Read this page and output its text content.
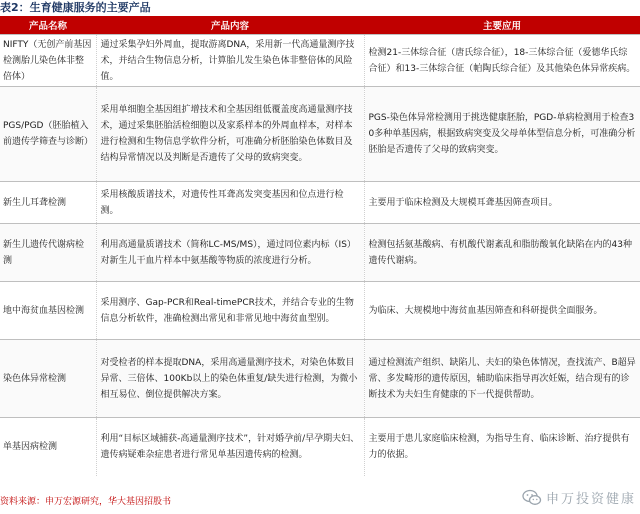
表2：生育健康服务的主要产品
产品名称	产品内容	主要应用
NIFTY（无创产前基因检测胎儿染色体非整倍体）	通过采集孕妇外周血，提取游离DNA，采用新一代高通量测序技术，并结合生物信息分析，计算胎儿发生染色体非整倍体的风险值。	检测21-三体综合征（唐氏综合征），18-三体综合征（爱德华氏综合征）和13-三体综合征（帕陶氏综合征）及其他染色体异常疾病。
PGS/PGD（胚胎植入前遗传学筛查与诊断）	采用单细胞全基因组扩增技术和全基因组低覆盖度高通量测序技术，通过采集胚胎活检细胞以及家系样本的外周血样本，对样本进行检测和生物信息学软件分析，可准确分析胚胎染色体数目及结构异常情况以及判断是否遗传了父母的致病突变。	PGS-染色体异常检测用于挑选健康胚胎，PGD-单病检测用于检查30多种单基因病，根据致病突变及父母单体型信息分析，可准确分析胚胎是否遗传了父母的致病突变。
新生儿耳聋检测	采用核酸质谱技术，对遗传性耳聋高发突变基因和位点进行检测。	主要用于临床检测及大规模耳聋基因筛查项目。
新生儿遗传代谢病检测	利用高通量质谱技术（简称LC-MS/MS），通过同位素内标（IS）对新生儿干血片样本中氨基酸等物质的浓度进行分析。	检测包括氨基酸病、有机酸代谢紊乱和脂肪酸氧化缺陷在内的43种遗传代谢病。
地中海贫血基因检测	采用测序、Gap-PCR和Real-timePCR技术，并结合专业的生物信息分析软件，准确检测出常见和非常见地中海贫血型别。	为临床、大规模地中海贫血基因筛查和科研提供全面服务。
染色体异常检测	对受检者的样本提取DNA，采用高通量测序技术，对染色体数目异常、三倍体、100Kb以上的染色体重复/缺失进行检测，为微小相互易位、倒位提供解决方案。	通过检测流产组织、缺陷儿、夫妇的染色体情况，查找流产、B超异常、多发畸形的遗传原因，辅助临床指导再次妊娠，结合现有的诊断技术为夫妇生育健康的下一代提供帮助。
单基因病检测	利用“目标区域捕获-高通量测序技术”，针对婚孕前/早孕期夫妇、遗传病疑难杂症患者进行常见单基因遗传病的检测。	主要用于患儿家庭临床检测，为指导生育、临床诊断、治疗提供有力的依据。
资料来源：申万宏源研究，华大基因招股书	申万投资健康
